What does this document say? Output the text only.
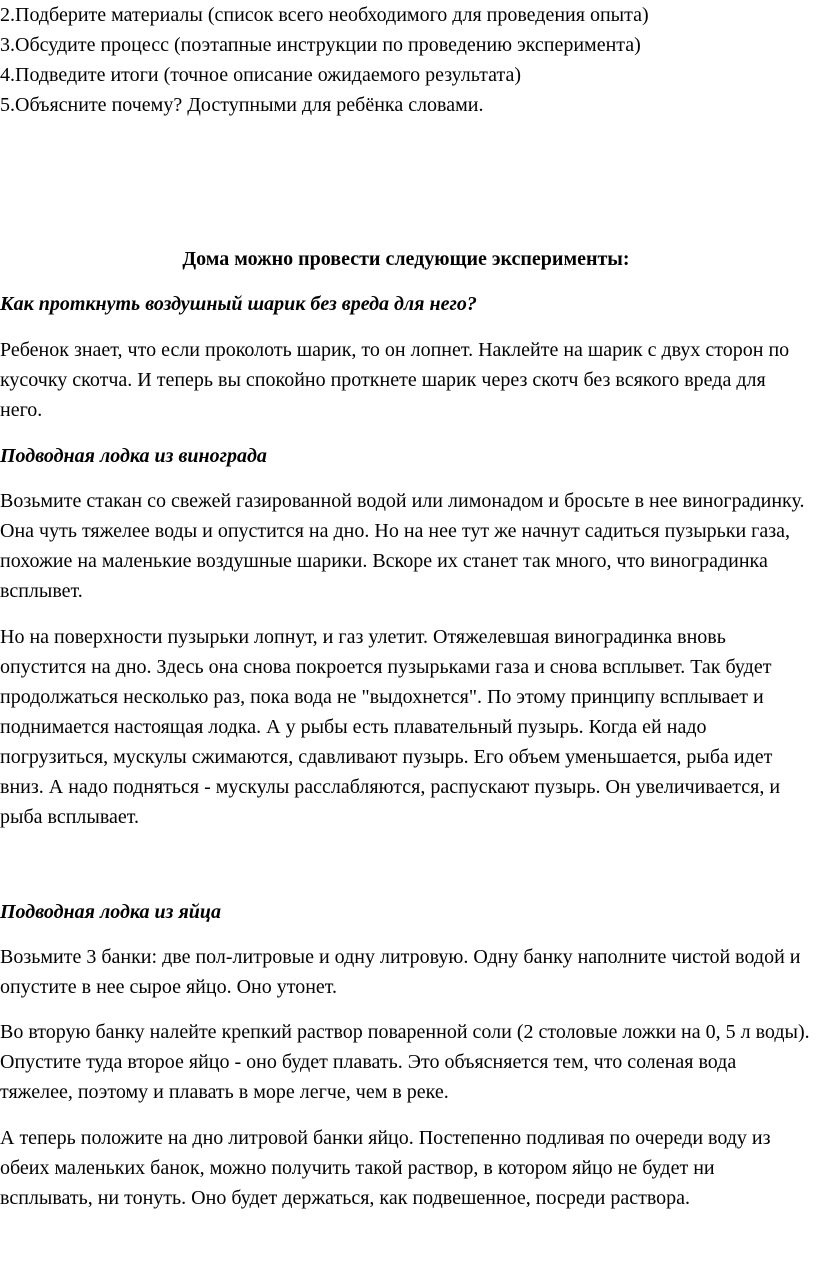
2.Подберите материалы (список всего необходимого для проведения опыта)
3.Обсудите процесс (поэтапные инструкции по проведению эксперимента)
4.Подведите итоги (точное описание ожидаемого результата)
5.Объясните почему? Доступными для ребёнка словами.

Дома можно провести следующие эксперименты:

Как проткнуть воздушный шарик без вреда для него?

Ребенок знает, что если проколоть шарик, то он лопнет. Наклейте на шарик с двух сторон по кусочку скотча. И теперь вы спокойно проткнете шарик через скотч без всякого вреда для него.

Подводная лодка из винограда

Возьмите стакан со свежей газированной водой или лимонадом и бросьте в нее виноградинку. Она чуть тяжелее воды и опустится на дно. Но на нее тут же начнут садиться пузырьки газа, похожие на маленькие воздушные шарики. Вскоре их станет так много, что виноградинка всплывет.

Но на поверхности пузырьки лопнут, и газ улетит. Отяжелевшая виноградинка вновь опустится на дно. Здесь она снова покроется пузырьками газа и снова всплывет. Так будет продолжаться несколько раз, пока вода не "выдохнется". По этому принципу всплывает и поднимается настоящая лодка. А у рыбы есть плавательный пузырь. Когда ей надо погрузиться, мускулы сжимаются, сдавливают пузырь. Его объем уменьшается, рыба идет вниз. А надо подняться - мускулы расслабляются, распускают пузырь. Он увеличивается, и рыба всплывает.

Подводная лодка из яйца

Возьмите 3 банки: две пол-литровые и одну литровую. Одну банку наполните чистой водой и опустите в нее сырое яйцо. Оно утонет.

Во вторую банку налейте крепкий раствор поваренной соли (2 столовые ложки на 0, 5 л воды). Опустите туда второе яйцо - оно будет плавать. Это объясняется тем, что соленая вода тяжелее, поэтому и плавать в море легче, чем в реке.

А теперь положите на дно литровой банки яйцо. Постепенно подливая по очереди воду из обеих маленьких банок, можно получить такой раствор, в котором яйцо не будет ни всплывать, ни тонуть. Оно будет держаться, как подвешенное, посреди раствора.
